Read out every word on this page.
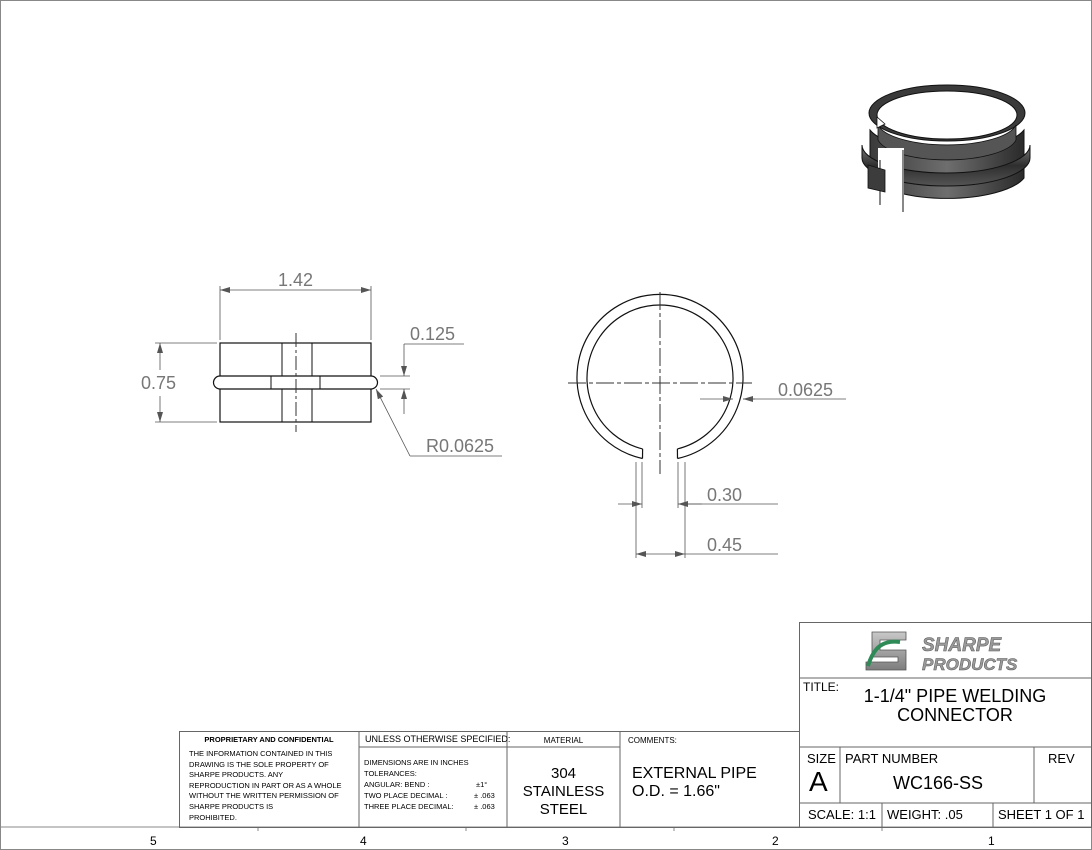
5	4	3	2	1
1.42
0.75
0.125
R0.0625
0.0625
0.30
0.45
SHARPE
PRODUCTS
TITLE:	1-1/4" PIPE WELDING
CONNECTOR
SIZE
A
PART NUMBER
WC166-SS
REV
SCALE: 1:1 WEIGHT: .05	SHEET 1 OF 1
PROPRIETARY AND CONFIDENTIAL
THE INFORMATION CONTAINED IN THIS
DRAWING IS THE SOLE PROPERTY OF
SHARPE PRODUCTS. ANY
REPRODUCTION IN PART OR AS A WHOLE
WITHOUT THE WRITTEN PERMISSION OF
SHARPE PRODUCTS IS
PROHIBITED.
UNLESS OTHERWISE SPECIFIED:
DIMENSIONS ARE IN INCHES
TOLERANCES:
ANGULAR: BEND :	±1°
TWO PLACE DECIMAL :	± .063
THREE PLACE DECIMAL:	± .063
MATERIAL
304
STAINLESS
STEEL
COMMENTS:
EXTERNAL PIPE
O.D. = 1.66"
